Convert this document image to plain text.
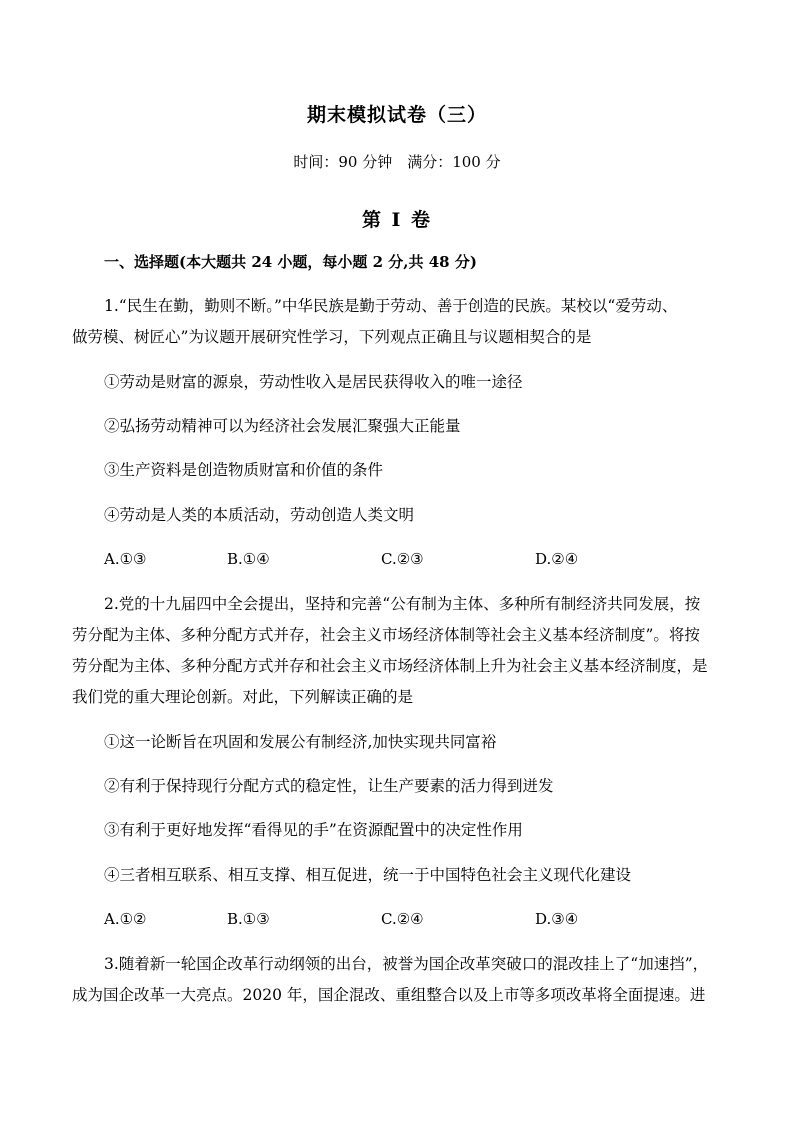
期末模拟试卷（三）
时间：90 分钟　满分：100 分
第 I 卷
一、选择题(本大题共 24 小题，每小题 2 分,共 48 分)
1.“民生在勤，勤则不断。”中华民族是勤于劳动、善于创造的民族。某校以“爱劳动、
做劳模、树匠心”为议题开展研究性学习，下列观点正确且与议题相契合的是
①劳动是财富的源泉，劳动性收入是居民获得收入的唯一途径
②弘扬劳动精神可以为经济社会发展汇聚强大正能量
③生产资料是创造物质财富和价值的条件
④劳动是人类的本质活动，劳动创造人类文明
A.①③	B.①④	C.②③	D.②④
2.党的十九届四中全会提出，坚持和完善“公有制为主体、多种所有制经济共同发展，按
劳分配为主体、多种分配方式并存，社会主义市场经济体制等社会主义基本经济制度”。将按
劳分配为主体、多种分配方式并存和社会主义市场经济体制上升为社会主义基本经济制度，是
我们党的重大理论创新。对此，下列解读正确的是
①这一论断旨在巩固和发展公有制经济,加快实现共同富裕
②有利于保持现行分配方式的稳定性，让生产要素的活力得到迸发
③有利于更好地发挥“看得见的手”在资源配置中的决定性作用
④三者相互联系、相互支撑、相互促进，统一于中国特色社会主义现代化建设
A.①②	B.①③	C.②④	D.③④
3.随着新一轮国企改革行动纲领的出台，被誉为国企改革突破口的混改挂上了“加速挡”，
成为国企改革一大亮点。2020 年，国企混改、重组整合以及上市等多项改革将全面提速。进
